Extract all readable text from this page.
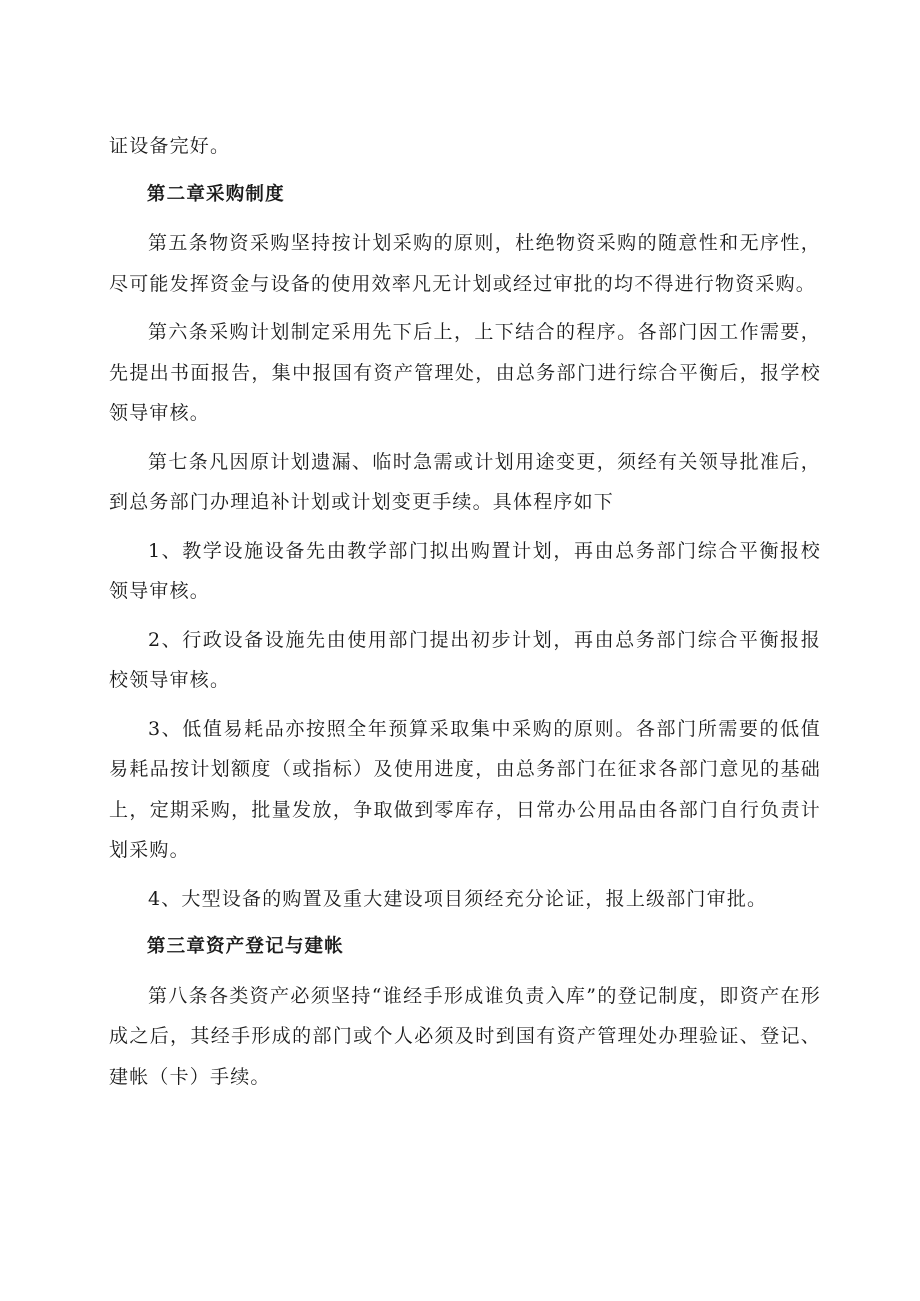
证设备完好。

第二章采购制度

第五条物资采购坚持按计划采购的原则，杜绝物资采购的随意性和无序性，尽可能发挥资金与设备的使用效率凡无计划或经过审批的均不得进行物资采购。

第六条采购计划制定采用先下后上，上下结合的程序。各部门因工作需要，先提出书面报告，集中报国有资产管理处，由总务部门进行综合平衡后，报学校领导审核。

第七条凡因原计划遗漏、临时急需或计划用途变更，须经有关领导批准后，到总务部门办理追补计划或计划变更手续。具体程序如下

1、教学设施设备先由教学部门拟出购置计划，再由总务部门综合平衡报校领导审核。

2、行政设备设施先由使用部门提出初步计划，再由总务部门综合平衡报报校领导审核。

3、低值易耗品亦按照全年预算采取集中采购的原则。各部门所需要的低值易耗品按计划额度（或指标）及使用进度，由总务部门在征求各部门意见的基础上，定期采购，批量发放，争取做到零库存，日常办公用品由各部门自行负责计划采购。

4、大型设备的购置及重大建设项目须经充分论证，报上级部门审批。

第三章资产登记与建帐

第八条各类资产必须坚持“谁经手形成谁负责入库”的登记制度，即资产在形成之后，其经手形成的部门或个人必须及时到国有资产管理处办理验证、登记、建帐（卡）手续。
